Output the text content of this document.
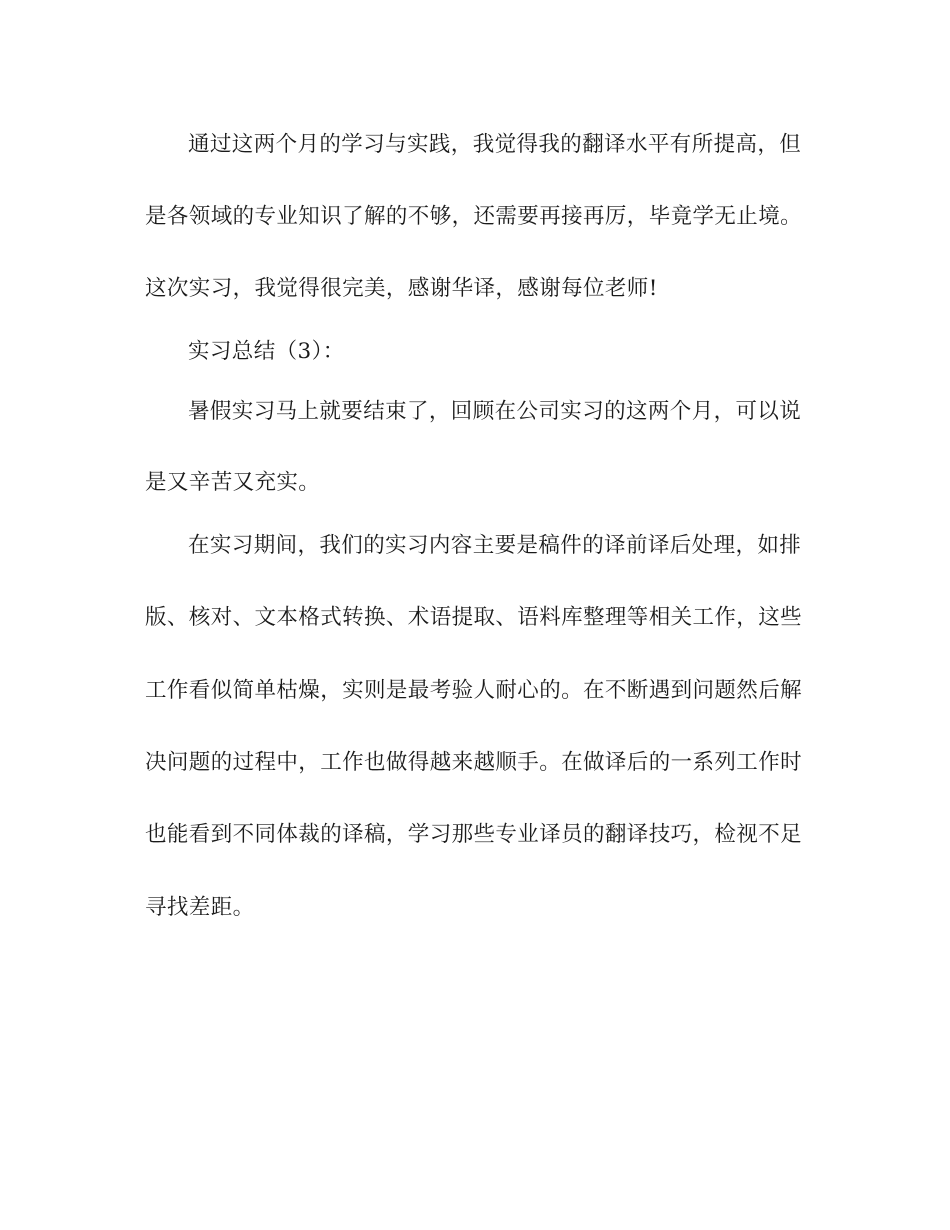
通过这两个月的学习与实践，我觉得我的翻译水平有所提高，但
是各领域的专业知识了解的不够，还需要再接再厉，毕竟学无止境。
这次实习，我觉得很完美，感谢华译，感谢每位老师!
实习总结（3）：
暑假实习马上就要结束了，回顾在公司实习的这两个月，可以说
是又辛苦又充实。
在实习期间，我们的实习内容主要是稿件的译前译后处理，如排
版、核对、文本格式转换、术语提取、语料库整理等相关工作，这些
工作看似简单枯燥，实则是最考验人耐心的。在不断遇到问题然后解
决问题的过程中，工作也做得越来越顺手。在做译后的一系列工作时
也能看到不同体裁的译稿，学习那些专业译员的翻译技巧，检视不足
寻找差距。
